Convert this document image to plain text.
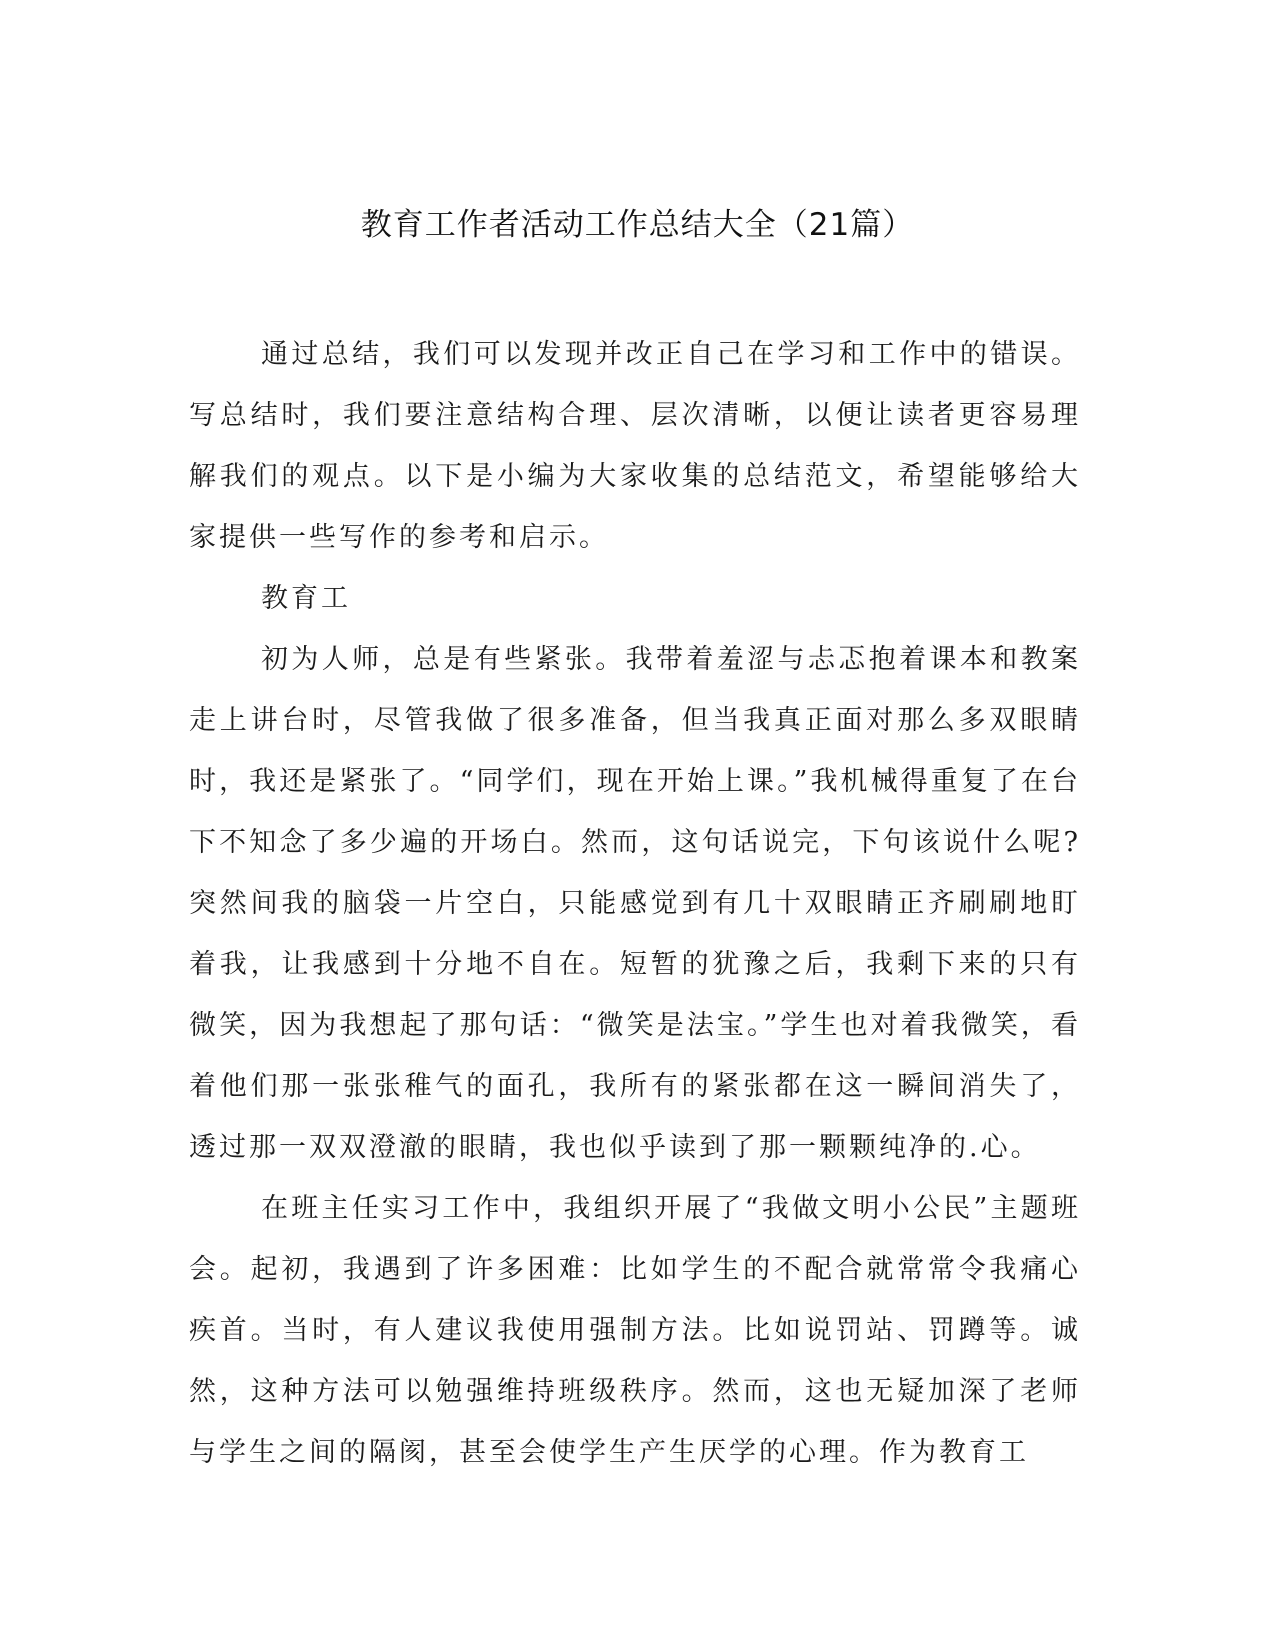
教育工作者活动工作总结大全（21篇）

通过总结，我们可以发现并改正自己在学习和工作中的错误。写总结时，我们要注意结构合理、层次清晰，以便让读者更容易理解我们的观点。以下是小编为大家收集的总结范文，希望能够给大家提供一些写作的参考和启示。

教育工

初为人师，总是有些紧张。我带着羞涩与忐忑抱着课本和教案走上讲台时，尽管我做了很多准备，但当我真正面对那么多双眼睛时，我还是紧张了。“同学们，现在开始上课。”我机械得重复了在台下不知念了多少遍的开场白。然而，这句话说完，下句该说什么呢?突然间我的脑袋一片空白，只能感觉到有几十双眼睛正齐刷刷地盯着我，让我感到十分地不自在。短暂的犹豫之后，我剩下来的只有微笑，因为我想起了那句话：“微笑是法宝。”学生也对着我微笑，看着他们那一张张稚气的面孔，我所有的紧张都在这一瞬间消失了，透过那一双双澄澈的眼睛，我也似乎读到了那一颗颗纯净的.心。

在班主任实习工作中，我组织开展了“我做文明小公民”主题班会。起初，我遇到了许多困难：比如学生的不配合就常常令我痛心疾首。当时，有人建议我使用强制方法。比如说罚站、罚蹲等。诚然，这种方法可以勉强维持班级秩序。然而，这也无疑加深了老师与学生之间的隔阂，甚至会使学生产生厌学的心理。作为教育工
